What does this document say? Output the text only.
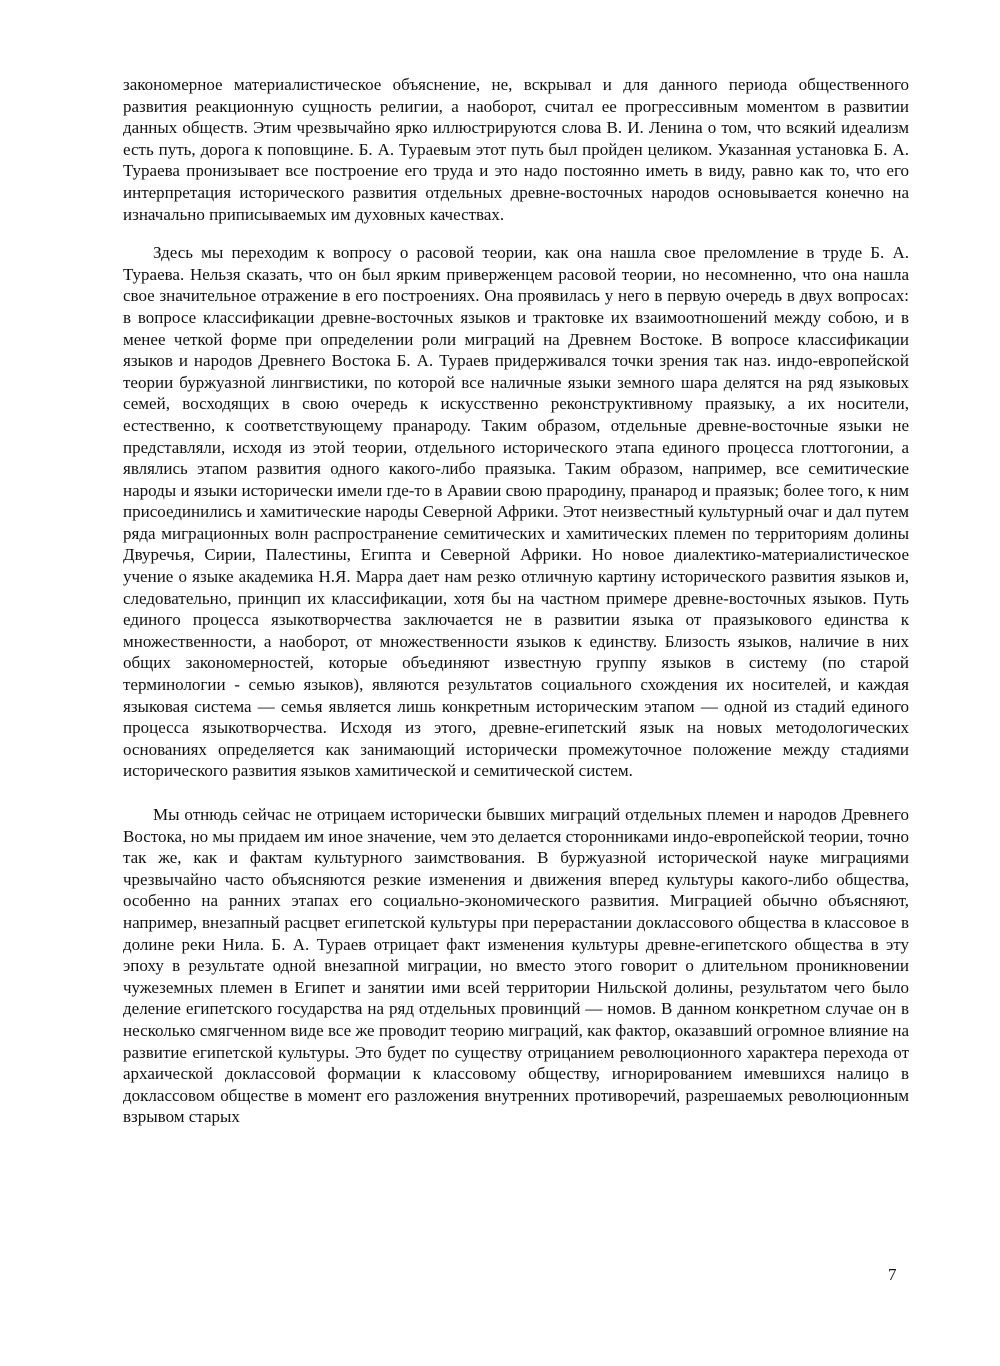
закономерное материалистическое объяснение, не, вскрывал и для данного периода общественного развития реакционную сущность религии, а наоборот, считал ее прогрессивным моментом в развитии данных обществ. Этим чрезвычайно ярко иллюстрируются слова В. И. Ленина о том, что всякий идеализм есть путь, дорога к поповщине. Б. А. Тураевым этот путь был пройден целиком. Указанная установка Б. А. Тураева пронизывает все построение его труда и это надо постоянно иметь в виду, равно как то, что его интерпретация исторического развития отдельных древне-восточных народов основывается конечно на изначально приписываемых им духовных качествах.

Здесь мы переходим к вопросу о расовой теории, как она нашла свое преломление в труде Б. А. Тураева. Нельзя сказать, что он был ярким приверженцем расовой теории, но несомненно, что она нашла свое значительное отражение в его построениях. Она проявилась у него в первую очередь в двух вопросах: в вопросе классификации древне-восточных языков и трактовке их взаимоотношений между собою, и в менее четкой форме при определении роли миграций на Древнем Востоке. В вопросе классификации языков и народов Древнего Востока Б. А. Тураев придерживался точки зрения так наз. индо-европейской теории буржуазной лингвистики, по которой все наличные языки земного шара делятся на ряд языковых семей, восходящих в свою очередь к искусственно реконструктивному праязыку, а их носители, естественно, к соответствующему пранароду. Таким образом, отдельные древне-восточные языки не представляли, исходя из этой теории, отдельного исторического этапа единого процесса глоттогонии, а являлись этапом развития одного какого-либо праязыка. Таким образом, например, все семитические народы и языки исторически имели где-то в Аравии свою прародину, пранарод и праязык; более того, к ним присоединились и хамитические народы Северной Африки. Этот неизвестный культурный очаг и дал путем ряда миграционных волн распространение семитических и хамитических племен по территориям долины Двуречья, Сирии, Палестины, Египта и Северной Африки. Но новое диалектико-материалистическое учение о языке академика Н.Я. Марра дает нам резко отличную картину исторического развития языков и, следовательно, принцип их классификации, хотя бы на частном примере древне-восточных языков. Путь единого процесса языкотворчества заключается не в развитии языка от праязыкового единства к множественности, а наоборот, от множественности языков к единству. Близость языков, наличие в них общих закономерностей, которые объединяют известную группу языков в систему (по старой терминологии - семью языков), являются результатов социального схождения их носителей, и каждая языковая система — семья является лишь конкретным историческим этапом — одной из стадий единого процесса языкотворчества. Исходя из этого, древне-египетский язык на новых методологических основаниях определяется как занимающий исторически промежуточное положение между стадиями исторического развития языков хамитической и семитической систем.

Мы отнюдь сейчас не отрицаем исторически бывших миграций отдельных племен и народов Древнего Востока, но мы придаем им иное значение, чем это делается сторонниками индо-европейской теории, точно так же, как и фактам культурного заимствования. В буржуазной исторической науке миграциями чрезвычайно часто объясняются резкие изменения и движения вперед культуры какого-либо общества, особенно на ранних этапах его социально-экономического развития. Миграцией обычно объясняют, например, внезапный расцвет египетской культуры при перерастании доклассового общества в классовое в долине реки Нила. Б. А. Тураев отрицает факт изменения культуры древне-египетского общества в эту эпоху в результате одной внезапной миграции, но вместо этого говорит о длительном проникновении чужеземных племен в Египет и занятии ими всей территории Нильской долины, результатом чего было деление египетского государства на ряд отдельных провинций — номов. В данном конкретном случае он в несколько смягченном виде все же проводит теорию миграций, как фактор, оказавший огромное влияние на развитие египетской культуры. Это будет по существу отрицанием революционного характера перехода от архаической доклассовой формации к классовому обществу, игнорированием имевшихся налицо в доклассовом обществе в момент его разложения внутренних противоречий, разрешаемых революционным взрывом старых

7
